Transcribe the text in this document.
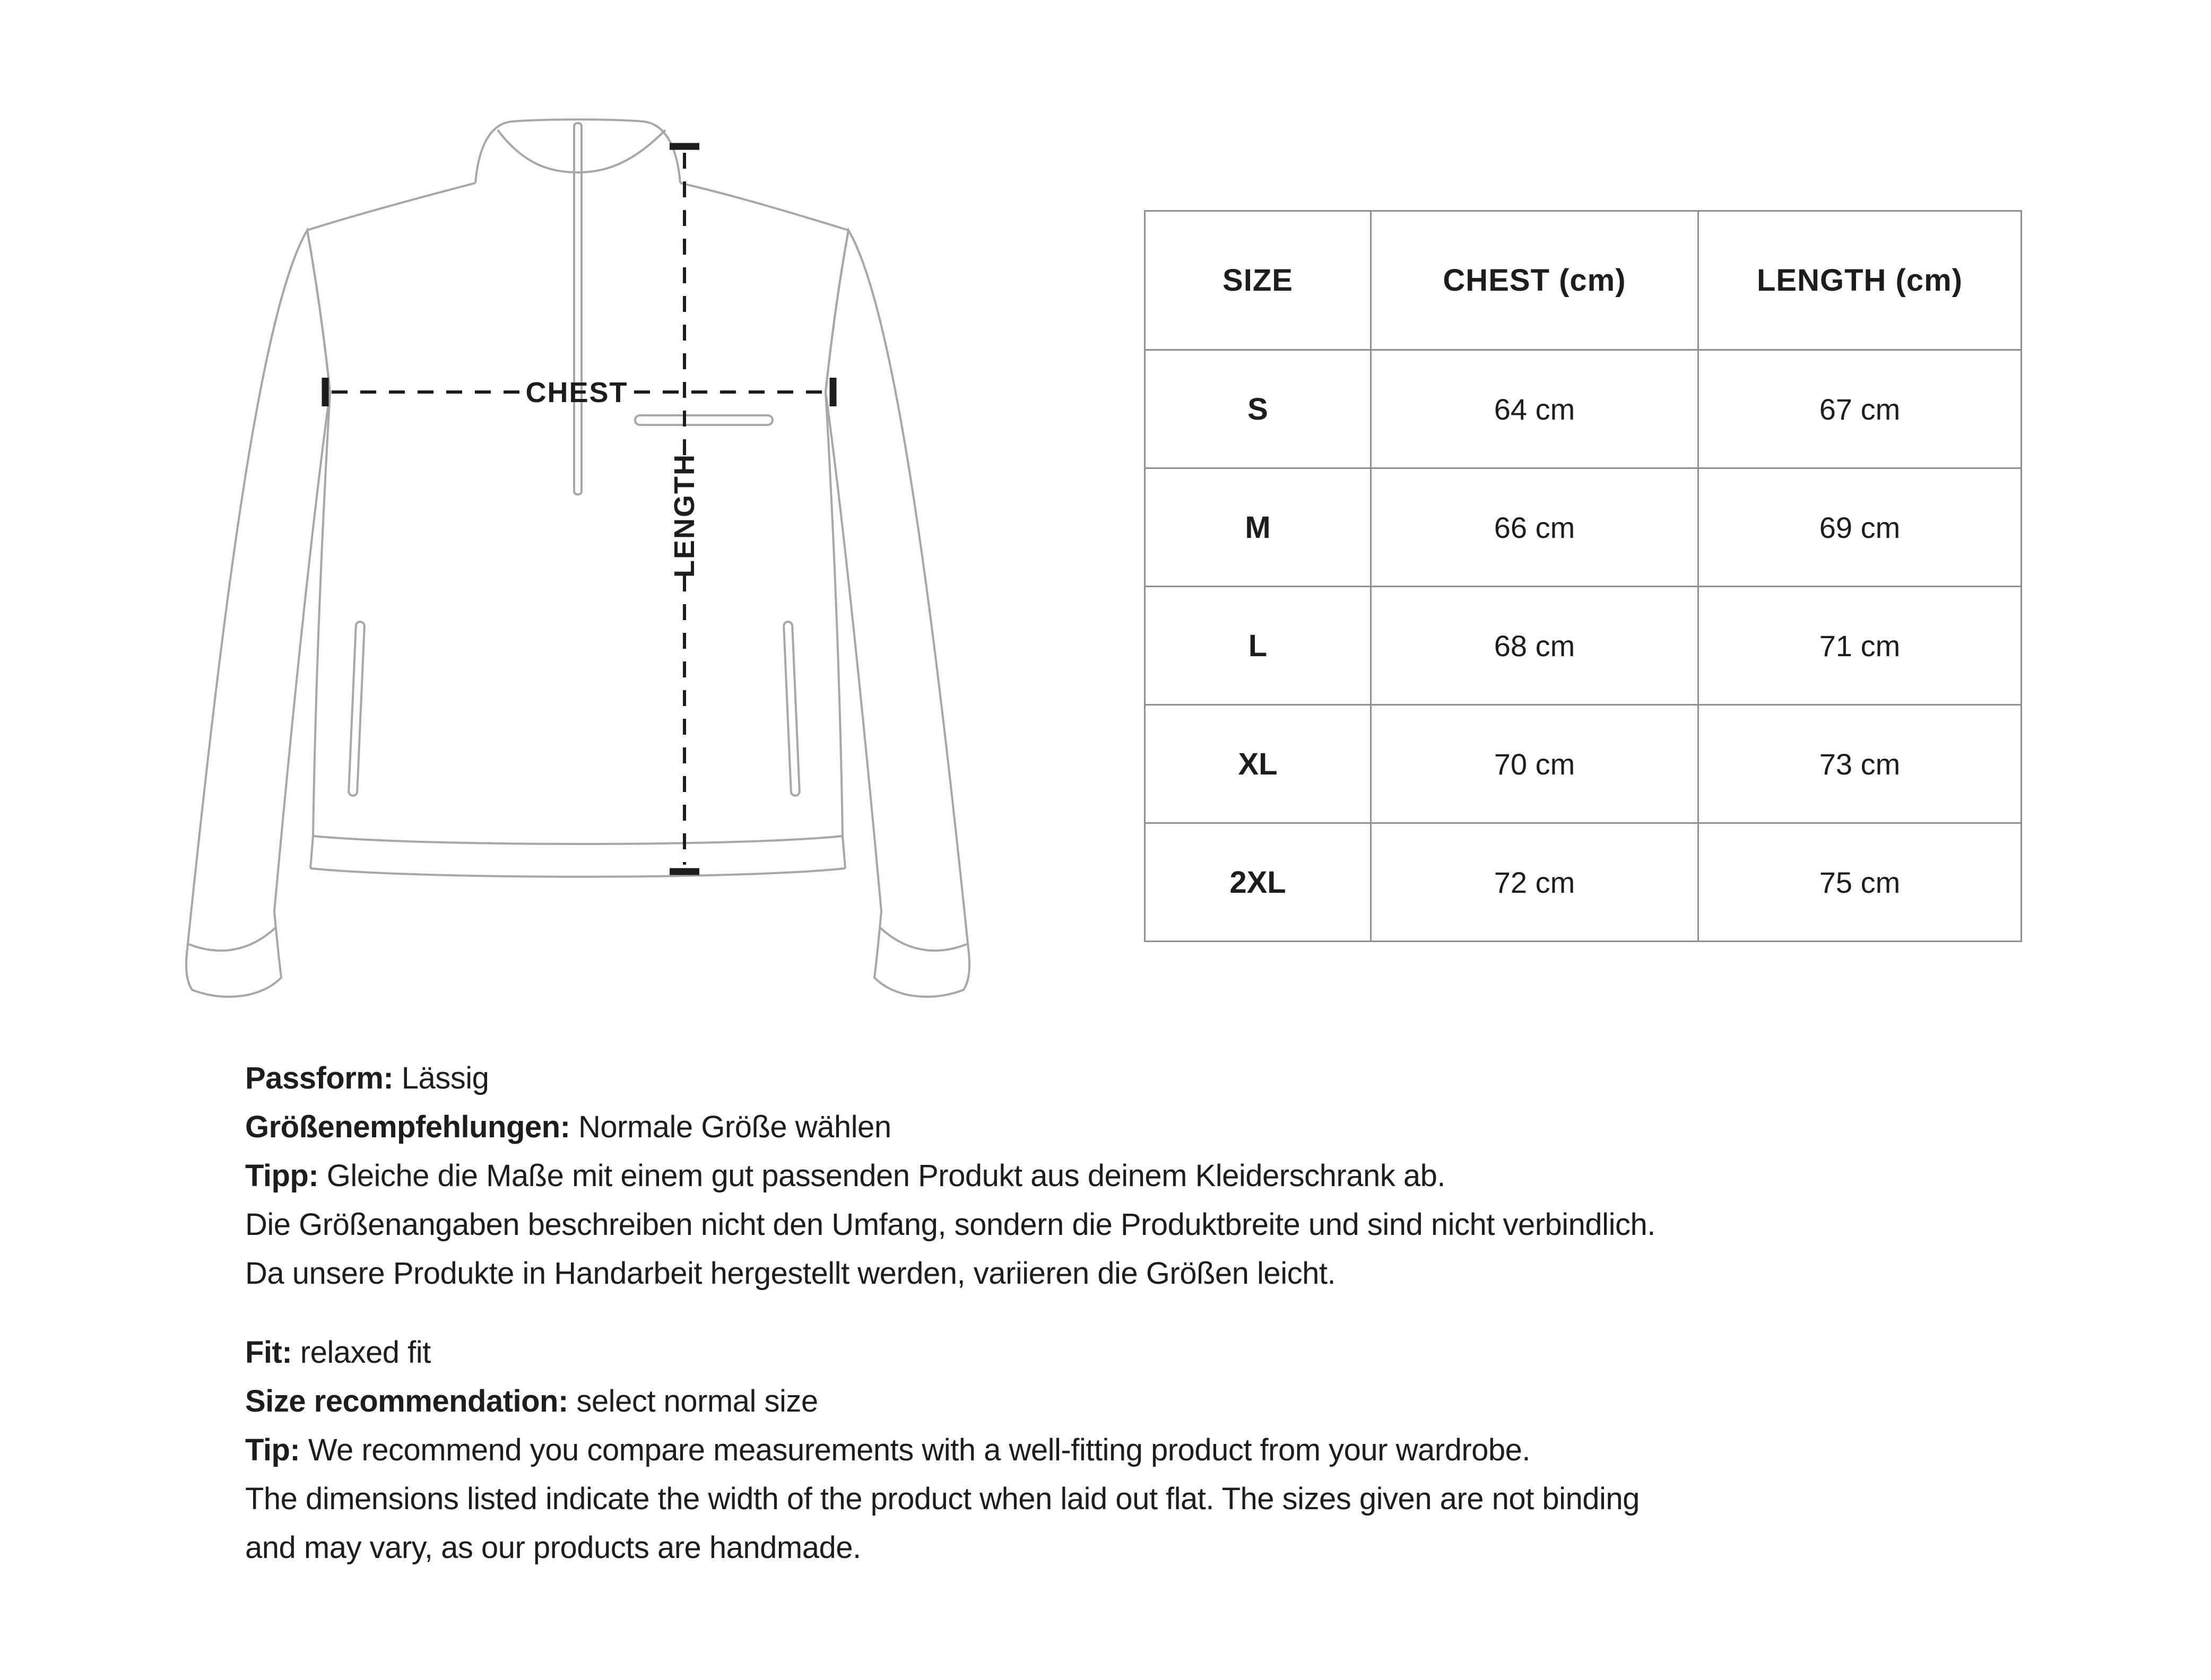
CHEST
LENGTH
SIZE	CHEST (cm)	LENGTH (cm)
S	64 cm	67 cm
M	66 cm	69 cm
L	68 cm	71 cm
XL	70 cm	73 cm
2XL	72 cm	75 cm
Passform: Lässig
Größenempfehlungen: Normale Größe wählen
Tipp: Gleiche die Maße mit einem gut passenden Produkt aus deinem Kleiderschrank ab.
Die Größenangaben beschreiben nicht den Umfang, sondern die Produktbreite und sind nicht verbindlich.
Da unsere Produkte in Handarbeit hergestellt werden, variieren die Größen leicht.
Fit: relaxed fit
Size recommendation: select normal size
Tip: We recommend you compare measurements with a well-fitting product from your wardrobe.
The dimensions listed indicate the width of the product when laid out flat. The sizes given are not binding
and may vary, as our products are handmade.
